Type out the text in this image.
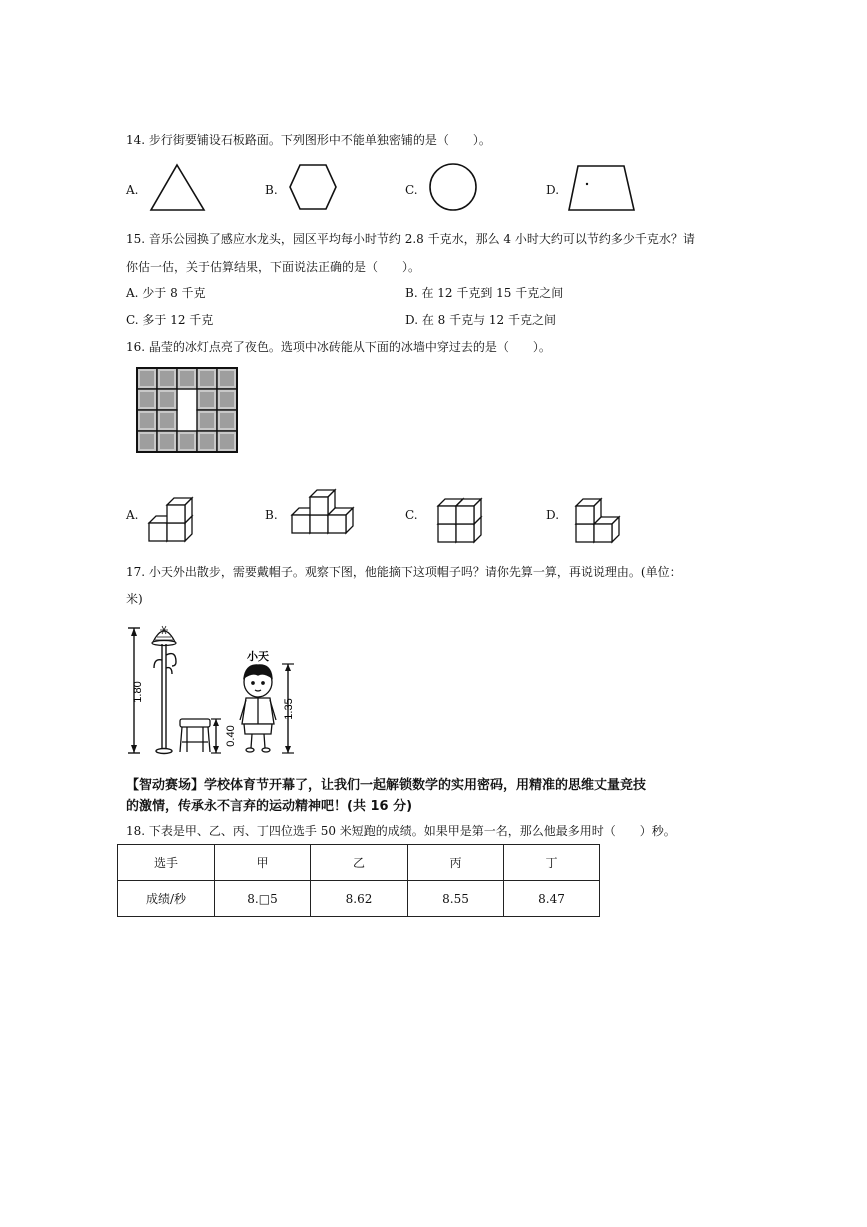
14. 步行街要铺设石板路面。下列图形中不能单独密铺的是（　　）。
A.	B.	C.	D.
15. 音乐公园换了感应水龙头，园区平均每小时节约 2.8 千克水，那么 4 小时大约可以节约多少千克水？请
你估一估，关于估算结果，下面说法正确的是（　　）。
A. 少于 8 千克	B. 在 12 千克到 15 千克之间
C. 多于 12 千克	D. 在 8 千克与 12 千克之间
16. 晶莹的冰灯点亮了夜色。选项中冰砖能从下面的冰墙中穿过去的是（　　）。
A.	B.	C.	D.
17. 小天外出散步，需要戴帽子。观察下图，他能摘下这项帽子吗？请你先算一算，再说说理由。(单位：
米)
1.80
0.40
小天
1.35
【智动赛场】学校体育节开幕了，让我们一起解锁数学的实用密码，用精准的思维丈量竞技
的激情，传承永不言弃的运动精神吧！(共 16 分)
18. 下表是甲、乙、丙、丁四位选手 50 米短跑的成绩。如果甲是第一名，那么他最多用时（　　）秒。
选手	甲	乙	丙	丁
成绩/秒	8.□5	8.62	8.55	8.47
